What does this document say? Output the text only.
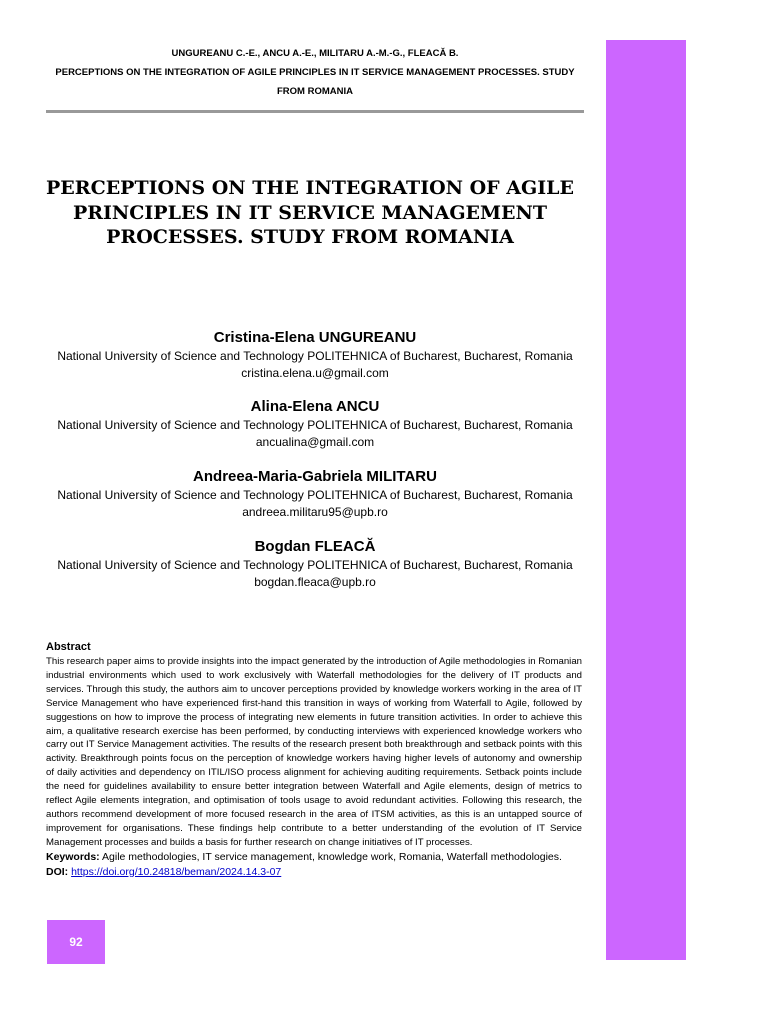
UNGUREANU C.-E., ANCU A.-E., MILITARU A.-M.-G., FLEACĂ B.
PERCEPTIONS ON THE INTEGRATION OF AGILE PRINCIPLES IN IT SERVICE MANAGEMENT PROCESSES. STUDY FROM ROMANIA
PERCEPTIONS ON THE INTEGRATION OF AGILE PRINCIPLES IN IT SERVICE MANAGEMENT PROCESSES. STUDY FROM ROMANIA
Cristina-Elena UNGUREANU
National University of Science and Technology POLITEHNICA of Bucharest, Bucharest, Romania
cristina.elena.u@gmail.com
Alina-Elena ANCU
National University of Science and Technology POLITEHNICA of Bucharest, Bucharest, Romania
ancualina@gmail.com
Andreea-Maria-Gabriela MILITARU
National University of Science and Technology POLITEHNICA of Bucharest, Bucharest, Romania
andreea.militaru95@upb.ro
Bogdan FLEACĂ
National University of Science and Technology POLITEHNICA of Bucharest, Bucharest, Romania
bogdan.fleaca@upb.ro
Abstract

This research paper aims to provide insights into the impact generated by the introduction of Agile methodologies in Romanian industrial environments which used to work exclusively with Waterfall methodologies for the delivery of IT products and services. Through this study, the authors aim to uncover perceptions provided by knowledge workers working in the area of IT Service Management who have experienced first-hand this transition in ways of working from Waterfall to Agile, followed by suggestions on how to improve the process of integrating new elements in future transition activities. In order to achieve this aim, a qualitative research exercise has been performed, by conducting interviews with experienced knowledge workers who carry out IT Service Management activities. The results of the research present both breakthrough and setback points with this activity. Breakthrough points focus on the perception of knowledge workers having higher levels of autonomy and ownership of daily activities and dependency on ITIL/ISO process alignment for achieving auditing requirements. Setback points include the need for guidelines availability to ensure better integration between Waterfall and Agile elements, design of metrics to reflect Agile elements integration, and optimisation of tools usage to avoid redundant activities. Following this research, the authors recommend development of more focused research in the area of ITSM activities, as this is an untapped source of improvement for organisations. These findings help contribute to a better understanding of the evolution of IT Service Management processes and builds a basis for further research on change initiatives of IT processes.

Keywords: Agile methodologies, IT service management, knowledge work, Romania, Waterfall methodologies.
DOI: https://doi.org/10.24818/beman/2024.14.3-07
92
